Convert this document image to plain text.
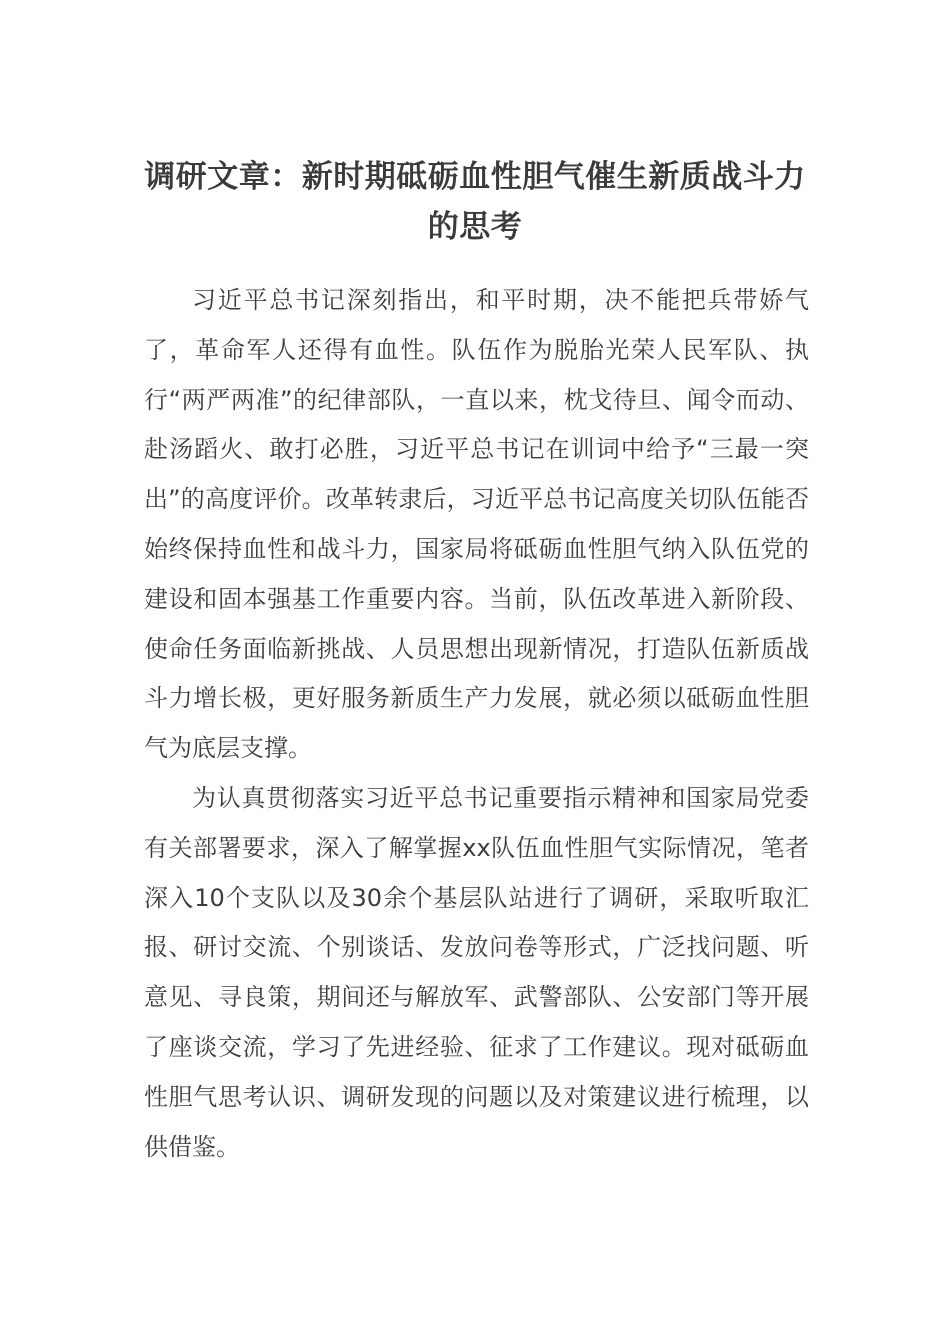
调研文章：新时期砥砺血性胆气催生新质战斗力的思考

习近平总书记深刻指出，和平时期，决不能把兵带娇气了，革命军人还得有血性。队伍作为脱胎光荣人民军队、执行“两严两准”的纪律部队，一直以来，枕戈待旦、闻令而动、赴汤蹈火、敢打必胜，习近平总书记在训词中给予“三最一突出”的高度评价。改革转隶后，习近平总书记高度关切队伍能否始终保持血性和战斗力，国家局将砥砺血性胆气纳入队伍党的建设和固本强基工作重要内容。当前，队伍改革进入新阶段、使命任务面临新挑战、人员思想出现新情况，打造队伍新质战斗力增长极，更好服务新质生产力发展，就必须以砥砺血性胆气为底层支撑。

为认真贯彻落实习近平总书记重要指示精神和国家局党委有关部署要求，深入了解掌握xx队伍血性胆气实际情况，笔者深入10个支队以及30余个基层队站进行了调研，采取听取汇报、研讨交流、个别谈话、发放问卷等形式，广泛找问题、听意见、寻良策，期间还与解放军、武警部队、公安部门等开展了座谈交流，学习了先进经验、征求了工作建议。现对砥砺血性胆气思考认识、调研发现的问题以及对策建议进行梳理，以供借鉴。
